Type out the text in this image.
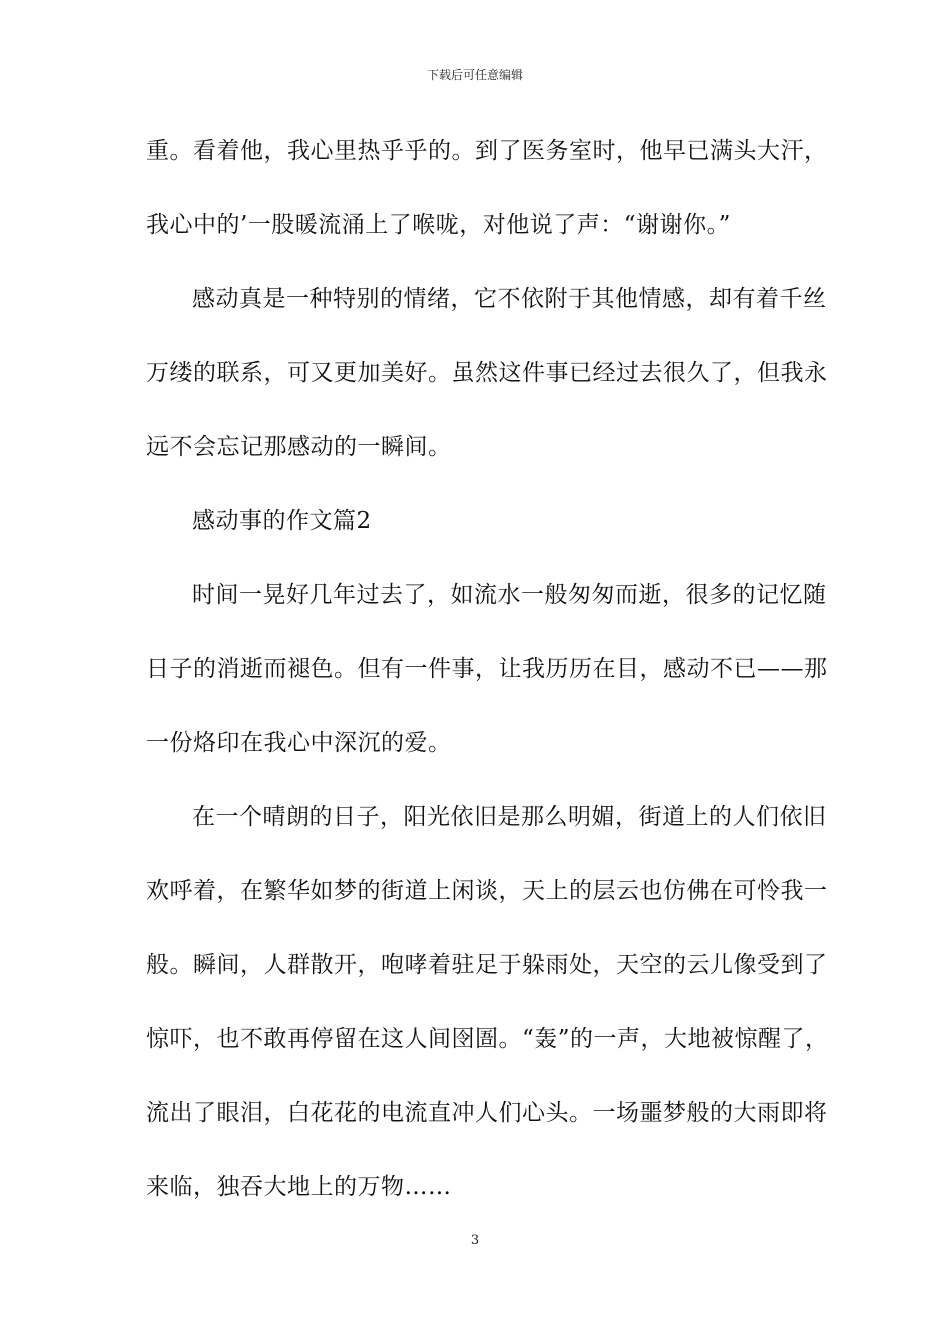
下载后可任意编辑
重。看着他，我心里热乎乎的。到了医务室时，他早已满头大汗，
我心中的’一股暖流涌上了喉咙，对他说了声：“谢谢你。”
感动真是一种特别的情绪，它不依附于其他情感，却有着千丝
万缕的联系，可又更加美好。虽然这件事已经过去很久了，但我永
远不会忘记那感动的一瞬间。
感动事的作文篇2
时间一晃好几年过去了，如流水一般匆匆而逝，很多的记忆随
日子的消逝而褪色。但有一件事，让我历历在目，感动不已——那
一份烙印在我心中深沉的爱。
在一个晴朗的日子，阳光依旧是那么明媚，街道上的人们依旧
欢呼着，在繁华如梦的街道上闲谈，天上的层云也仿佛在可怜我一
般。瞬间，人群散开，咆哮着驻足于躲雨处，天空的云儿像受到了
惊吓，也不敢再停留在这人间囹圄。“轰”的一声，大地被惊醒了，
流出了眼泪，白花花的电流直冲人们心头。一场噩梦般的大雨即将
来临，独吞大地上的万物……
3
